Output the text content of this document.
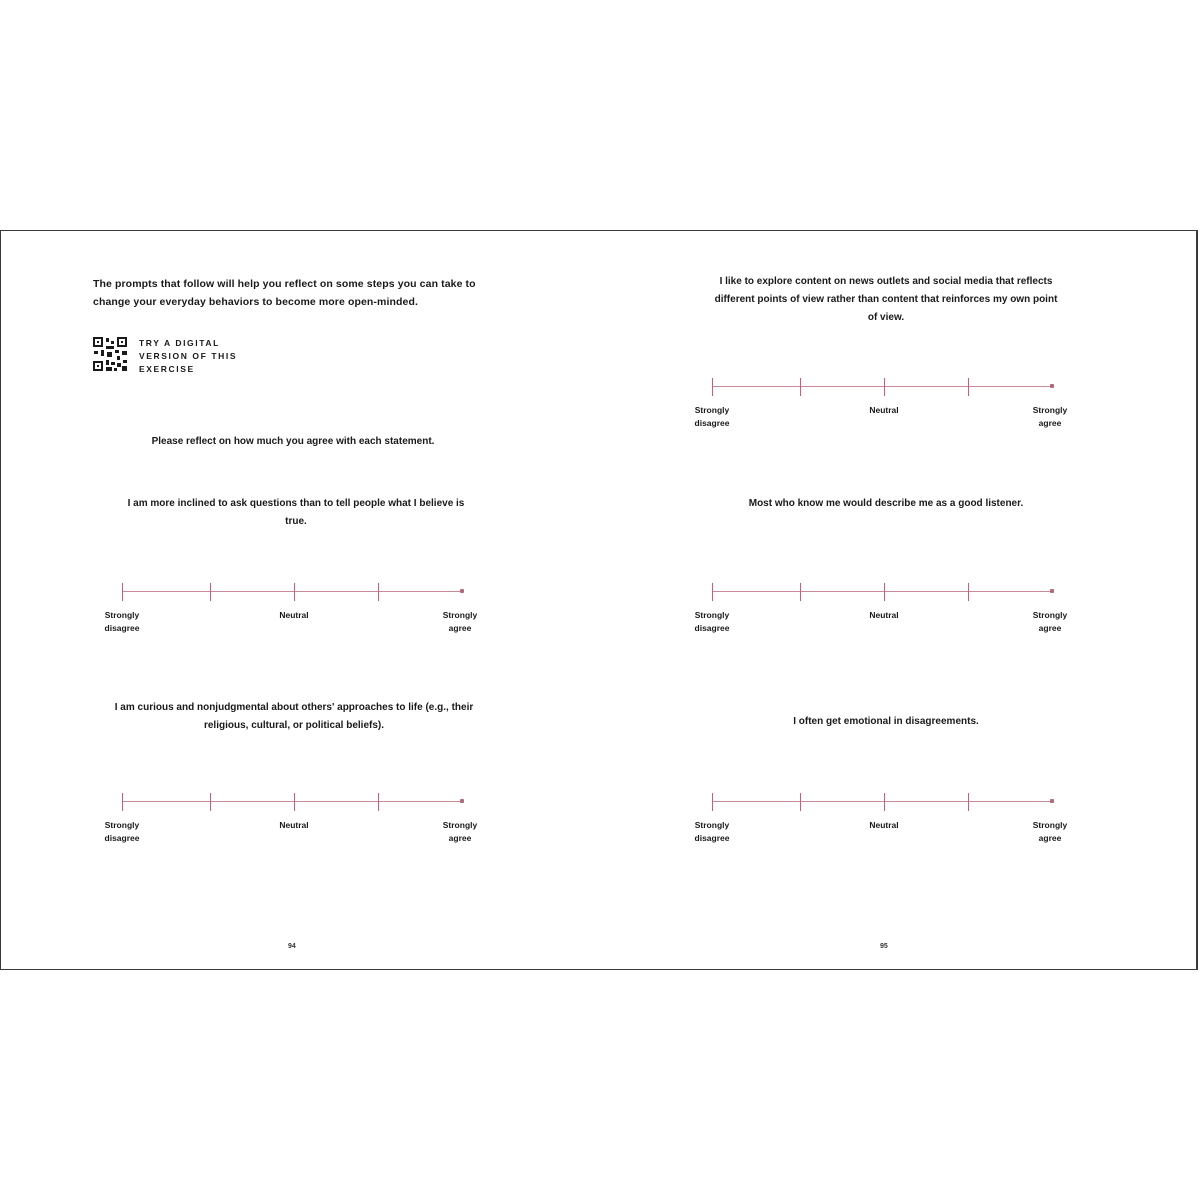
The prompts that follow will help you reflect on some steps you can take to change your everyday behaviors to become more open-minded.
TRY A DIGITAL
VERSION OF THIS
EXERCISE
Please reflect on how much you agree with each statement.
I am more inclined to ask questions than to tell people what I believe is true.
Strongly
disagree
Neutral	Strongly
agree
I am curious and nonjudgmental about others' approaches to life (e.g., their religious, cultural, or political beliefs).
Strongly
disagree
Neutral	Strongly
agree
94
I like to explore content on news outlets and social media that reflects different points of view rather than content that reinforces my own point of view.
Strongly
disagree
Neutral	Strongly
agree
Most who know me would describe me as a good listener.
Strongly
disagree
Neutral	Strongly
agree
I often get emotional in disagreements.
Strongly
disagree
Neutral	Strongly
agree
95
